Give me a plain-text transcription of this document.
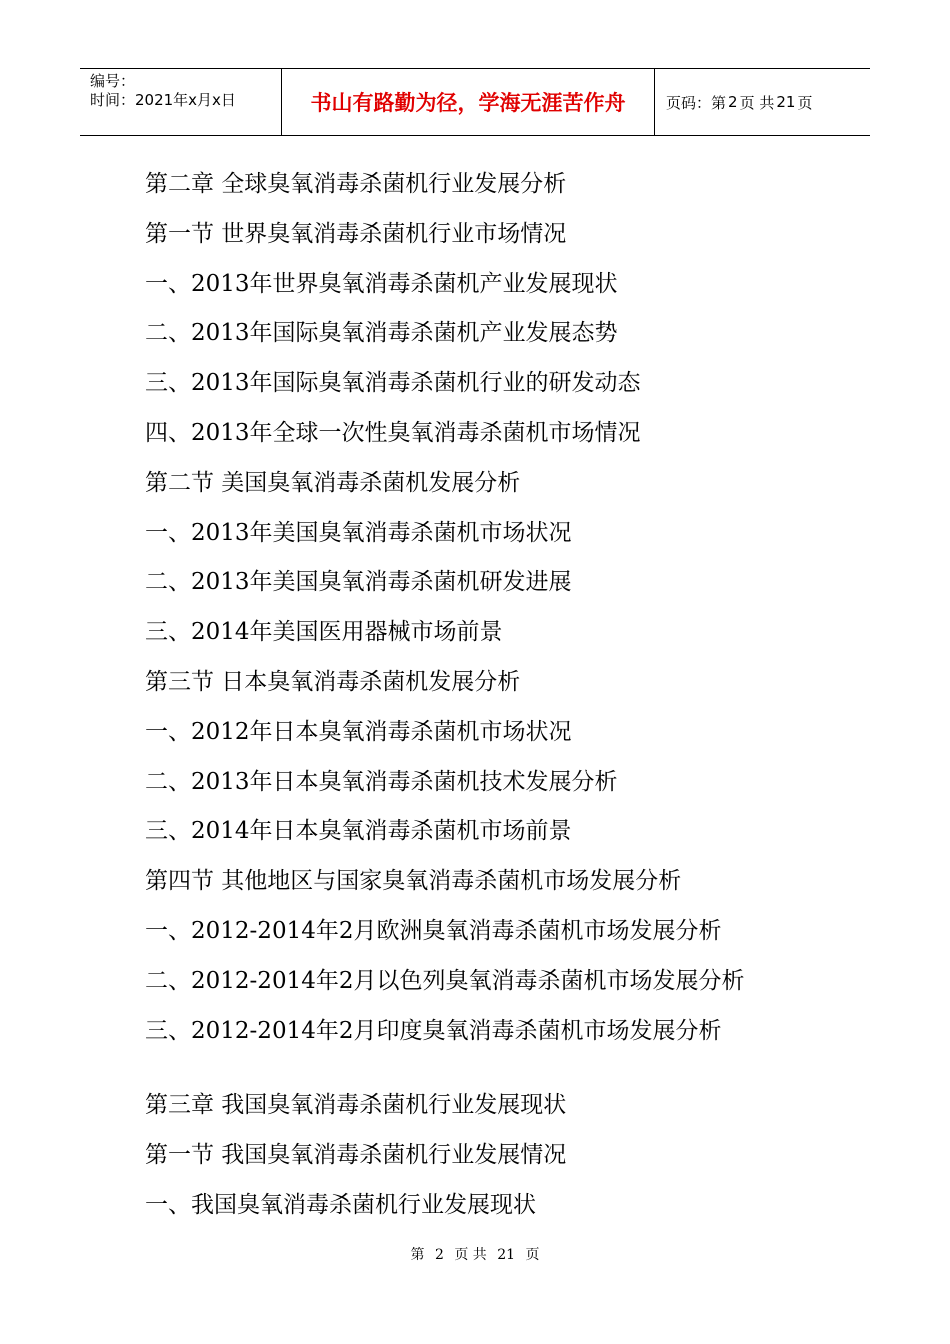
编号：
时间：2021年x月x日	书山有路勤为径，学海无涯苦作舟	页码：第 2 页 共 21 页
第二章 全球臭氧消毒杀菌机行业发展分析
第一节 世界臭氧消毒杀菌机行业市场情况
一、2013年世界臭氧消毒杀菌机产业发展现状
二、2013年国际臭氧消毒杀菌机产业发展态势
三、2013年国际臭氧消毒杀菌机行业的研发动态
四、2013年全球一次性臭氧消毒杀菌机市场情况
第二节 美国臭氧消毒杀菌机发展分析
一、2013年美国臭氧消毒杀菌机市场状况
二、2013年美国臭氧消毒杀菌机研发进展
三、2014年美国医用器械市场前景
第三节 日本臭氧消毒杀菌机发展分析
一、2012年日本臭氧消毒杀菌机市场状况
二、2013年日本臭氧消毒杀菌机技术发展分析
三、2014年日本臭氧消毒杀菌机市场前景
第四节 其他地区与国家臭氧消毒杀菌机市场发展分析
一、2012-2014年2月欧洲臭氧消毒杀菌机市场发展分析
二、2012-2014年2月以色列臭氧消毒杀菌机市场发展分析
三、2012-2014年2月印度臭氧消毒杀菌机市场发展分析
第三章 我国臭氧消毒杀菌机行业发展现状
第一节 我国臭氧消毒杀菌机行业发展情况
一、我国臭氧消毒杀菌机行业发展现状
第 2 页 共 21 页
